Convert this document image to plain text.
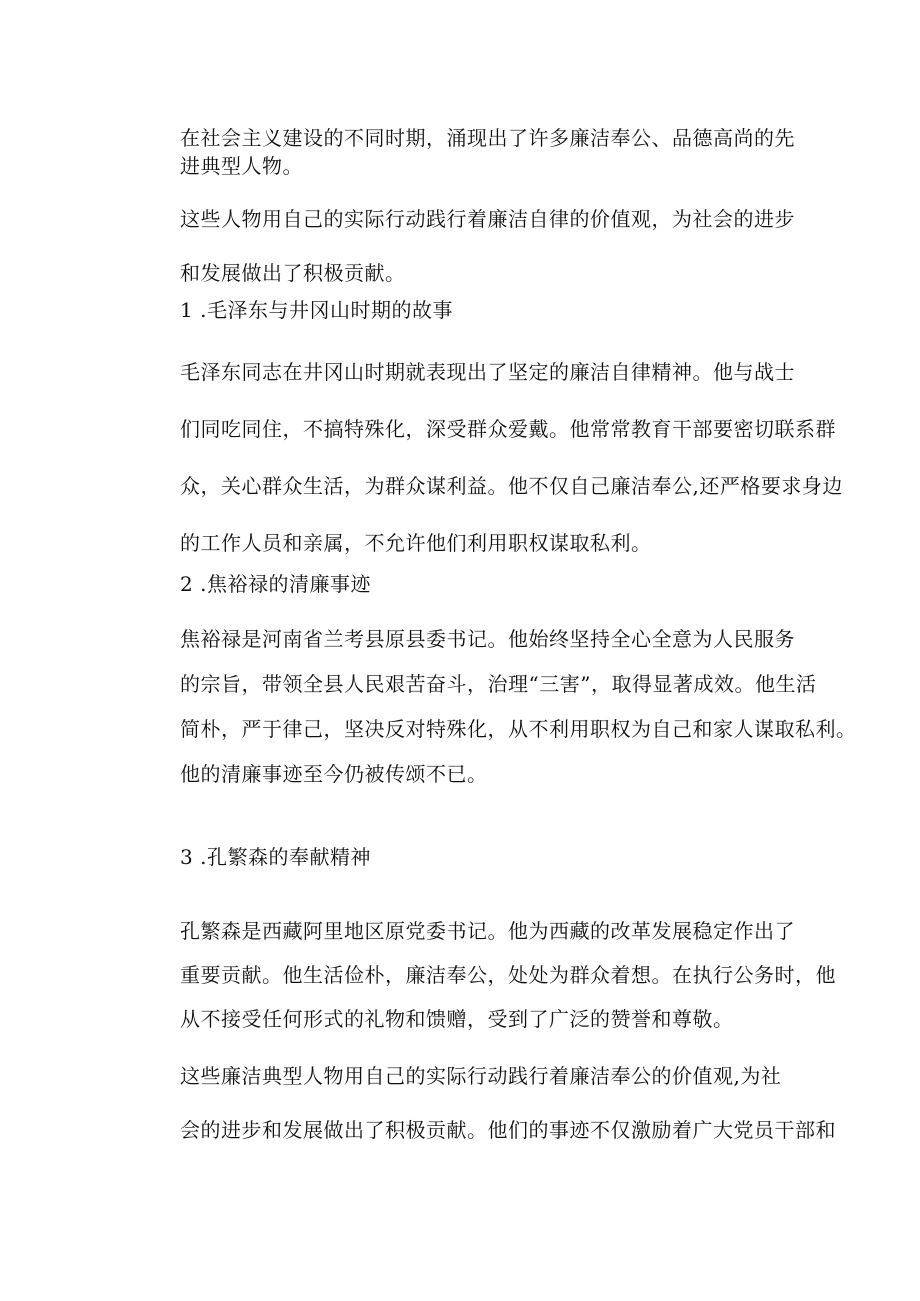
在社会主义建设的不同时期，涌现出了许多廉洁奉公、品德高尚的先
进典型人物。

这些人物用自己的实际行动践行着廉洁自律的价值观，为社会的进步
和发展做出了积极贡献。

1 .毛泽东与井冈山时期的故事

毛泽东同志在井冈山时期就表现出了坚定的廉洁自律精神。他与战士
们同吃同住，不搞特殊化，深受群众爱戴。他常常教育干部要密切联系群
众，关心群众生活，为群众谋利益。他不仅自己廉洁奉公,还严格要求身边
的工作人员和亲属，不允许他们利用职权谋取私利。

2 .焦裕禄的清廉事迹

焦裕禄是河南省兰考县原县委书记。他始终坚持全心全意为人民服务
的宗旨，带领全县人民艰苦奋斗，治理“三害”，取得显著成效。他生活
简朴，严于律己，坚决反对特殊化，从不利用职权为自己和家人谋取私利。
他的清廉事迹至今仍被传颂不已。

3 .孔繁森的奉献精神

孔繁森是西藏阿里地区原党委书记。他为西藏的改革发展稳定作出了
重要贡献。他生活俭朴，廉洁奉公，处处为群众着想。在执行公务时，他
从不接受任何形式的礼物和馈赠，受到了广泛的赞誉和尊敬。

这些廉洁典型人物用自己的实际行动践行着廉洁奉公的价值观,为社
会的进步和发展做出了积极贡献。他们的事迹不仅激励着广大党员干部和
